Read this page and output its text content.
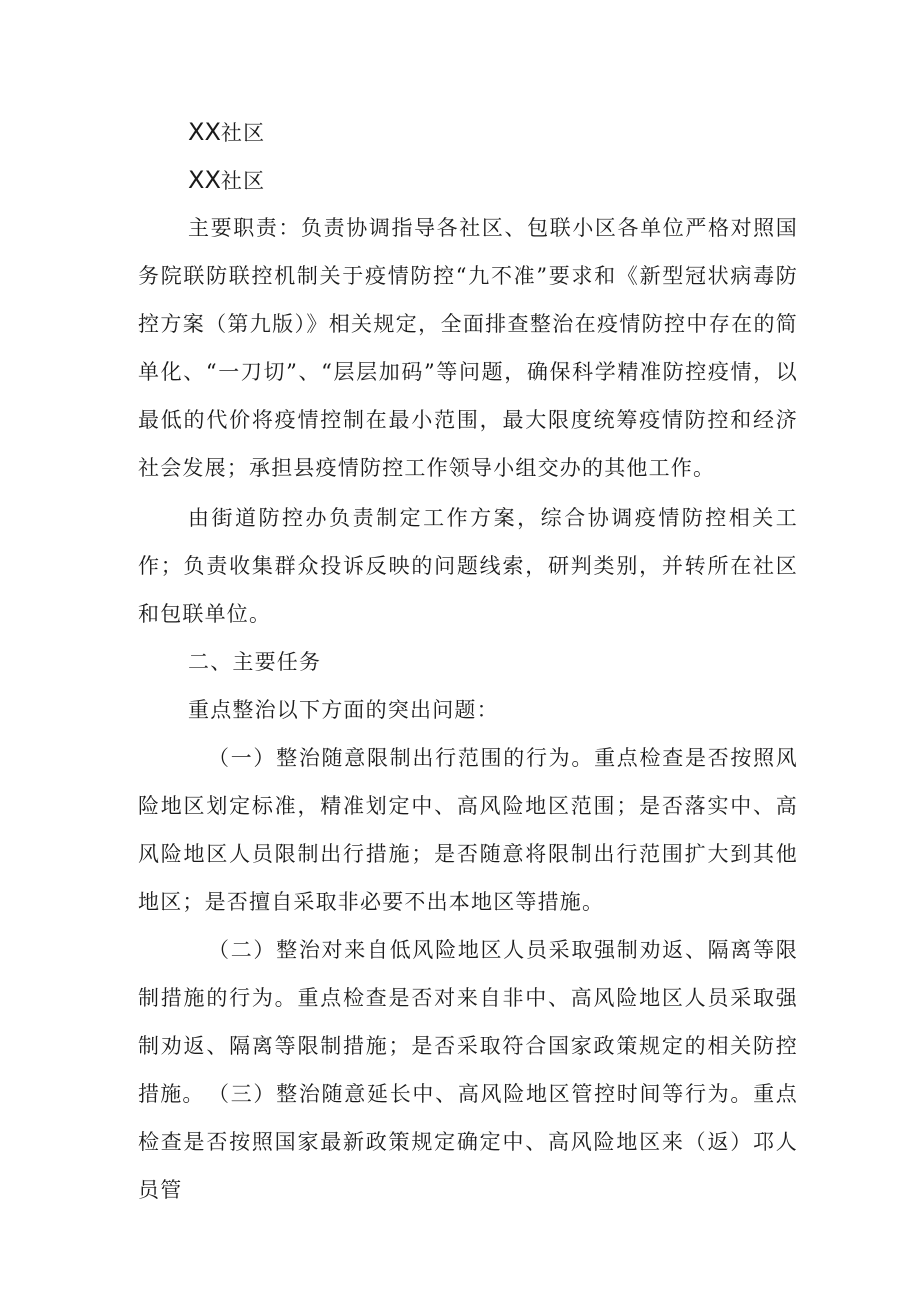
XX社区

XX社区

主要职责：负责协调指导各社区、包联小区各单位严格对照国务院联防联控机制关于疫情防控“九不准”要求和《新型冠状病毒防控方案（第九版）》相关规定，全面排查整治在疫情防控中存在的简单化、“一刀切”、“层层加码”等问题，确保科学精准防控疫情，以最低的代价将疫情控制在最小范围，最大限度统筹疫情防控和经济社会发展；承担县疫情防控工作领导小组交办的其他工作。

由街道防控办负责制定工作方案，综合协调疫情防控相关工作；负责收集群众投诉反映的问题线索，研判类别，并转所在社区和包联单位。

二、主要任务

重点整治以下方面的突出问题：

（一）整治随意限制出行范围的行为。重点检查是否按照风险地区划定标准，精准划定中、高风险地区范围；是否落实中、高风险地区人员限制出行措施；是否随意将限制出行范围扩大到其他地区；是否擅自采取非必要不出本地区等措施。

（二）整治对来自低风险地区人员采取强制劝返、隔离等限制措施的行为。重点检查是否对来自非中、高风险地区人员采取强制劝返、隔离等限制措施；是否采取符合国家政策规定的相关防控措施。 （三）整治随意延长中、高风险地区管控时间等行为。重点检查是否按照国家最新政策规定确定中、高风险地区来（返）邛人员管
